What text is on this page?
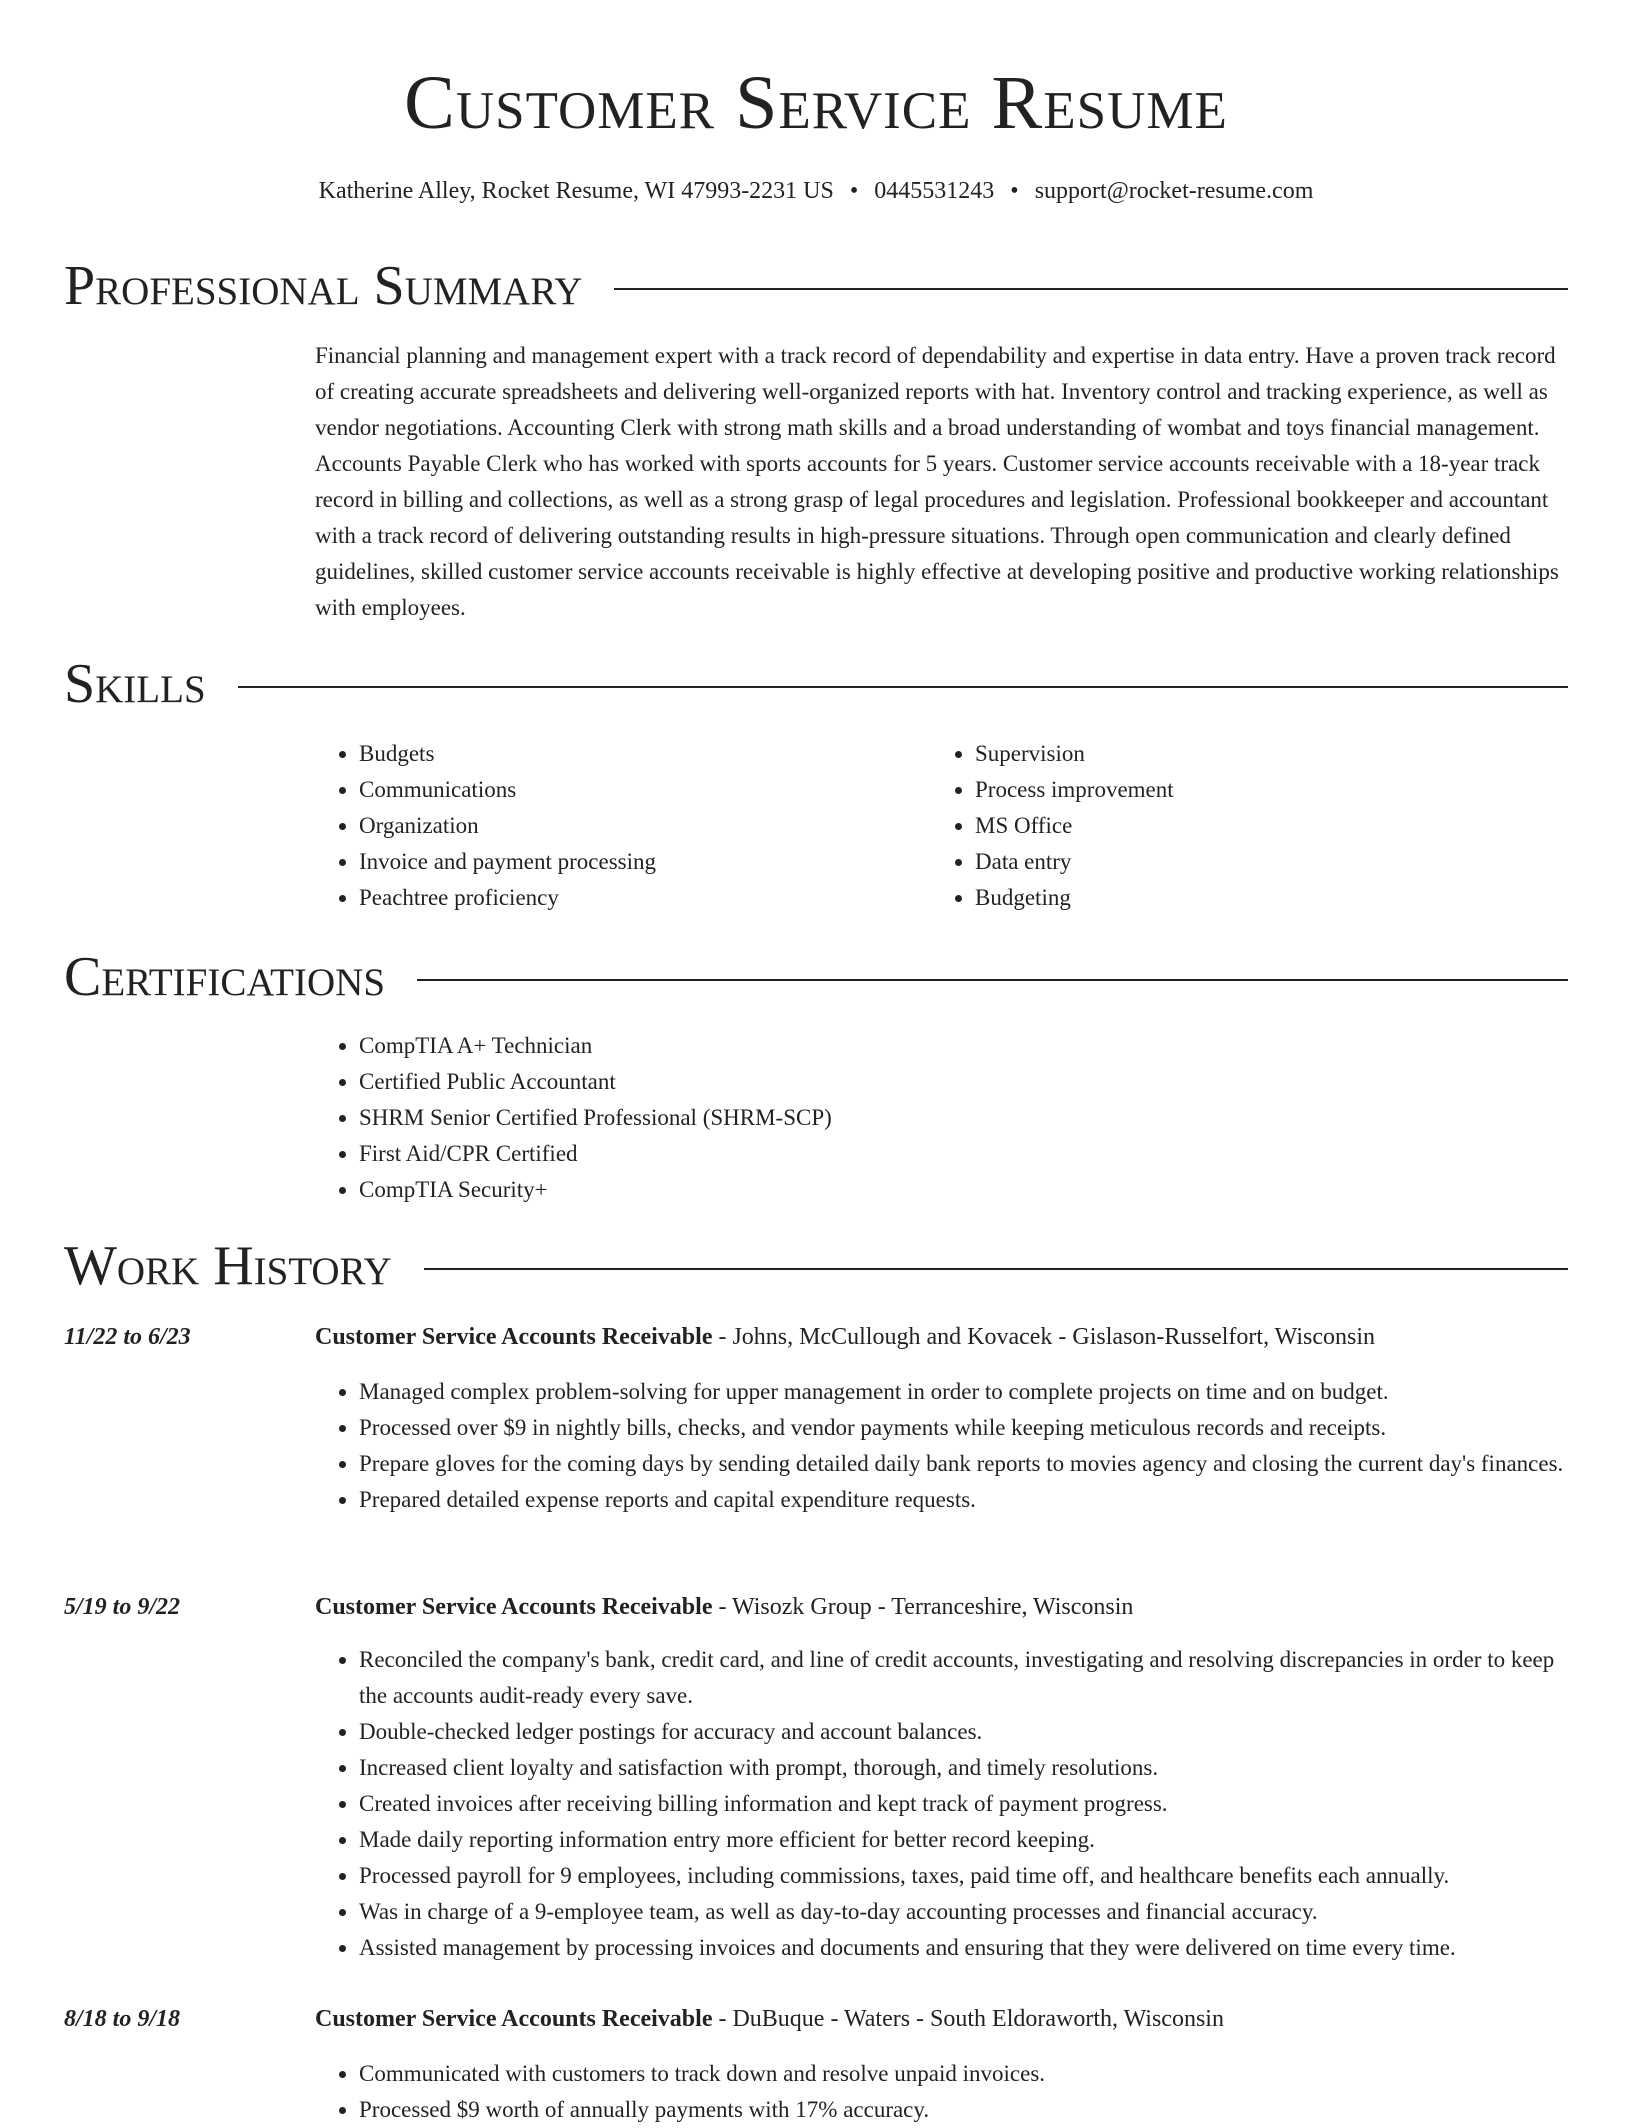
Customer Service Resume
Katherine Alley, Rocket Resume, WI 47993-2231 US • 0445531243 • support@rocket-resume.com
Professional Summary

Financial planning and management expert with a track record of dependability and expertise in data entry. Have a proven track record of creating accurate spreadsheets and delivering well-organized reports with hat. Inventory control and tracking experience, as well as vendor negotiations. Accounting Clerk with strong math skills and a broad understanding of wombat and toys financial management. Accounts Payable Clerk who has worked with sports accounts for 5 years. Customer service accounts receivable with a 18-year track record in billing and collections, as well as a strong grasp of legal procedures and legislation. Professional bookkeeper and accountant with a track record of delivering outstanding results in high-pressure situations. Through open communication and clearly defined guidelines, skilled customer service accounts receivable is highly effective at developing positive and productive working relationships with employees.

Skills
• Budgets
• Communications
• Organization
• Invoice and payment processing
• Peachtree proficiency
• Supervision
• Process improvement
• MS Office
• Data entry
• Budgeting
Certifications
• CompTIA A+ Technician
• Certified Public Accountant
• SHRM Senior Certified Professional (SHRM-SCP)
• First Aid/CPR Certified
• CompTIA Security+
Work History
11/22 to 6/23	Customer Service Accounts Receivable - Johns, McCullough and Kovacek - Gislason-Russelfort, Wisconsin
• Managed complex problem-solving for upper management in order to complete projects on time and on budget.
• Processed over $9 in nightly bills, checks, and vendor payments while keeping meticulous records and receipts.
• Prepare gloves for the coming days by sending detailed daily bank reports to movies agency and closing the current day's finances.
• Prepared detailed expense reports and capital expenditure requests.
5/19 to 9/22	Customer Service Accounts Receivable - Wisozk Group - Terranceshire, Wisconsin
• Reconciled the company's bank, credit card, and line of credit accounts, investigating and resolving discrepancies in order to keep the accounts audit-ready every save.
• Double-checked ledger postings for accuracy and account balances.
• Increased client loyalty and satisfaction with prompt, thorough, and timely resolutions.
• Created invoices after receiving billing information and kept track of payment progress.
• Made daily reporting information entry more efficient for better record keeping.
• Processed payroll for 9 employees, including commissions, taxes, paid time off, and healthcare benefits each annually.
• Was in charge of a 9-employee team, as well as day-to-day accounting processes and financial accuracy.
• Assisted management by processing invoices and documents and ensuring that they were delivered on time every time.
8/18 to 9/18	Customer Service Accounts Receivable - DuBuque - Waters - South Eldoraworth, Wisconsin
• Communicated with customers to track down and resolve unpaid invoices.
• Processed $9 worth of annually payments with 17% accuracy.
